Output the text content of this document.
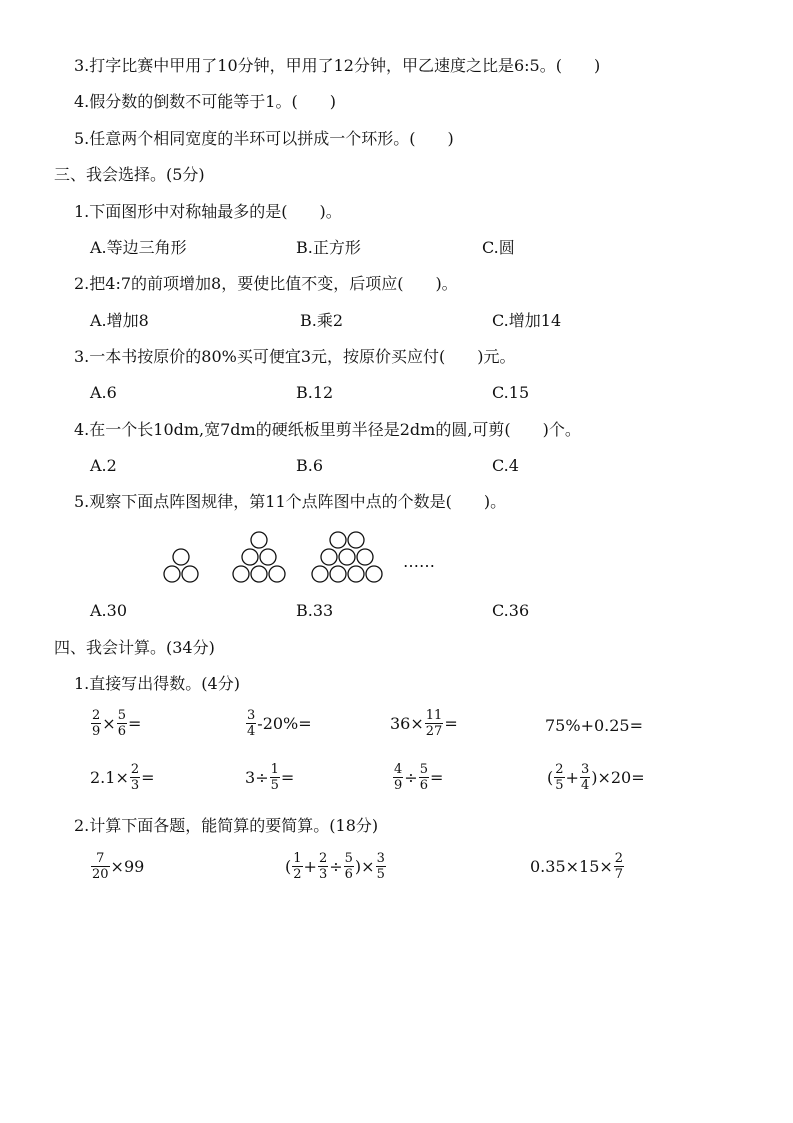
3.打字比赛中甲用了10分钟，甲用了12分钟，甲乙速度之比是6:5。(　　)
4.假分数的倒数不可能等于1。(　　)
5.任意两个相同宽度的半环可以拼成一个环形。(　　)
三、我会选择。(5分)
1.下面图形中对称轴最多的是(　　)。
A.等边三角形	B.正方形	C.圆
2.把4:7的前项增加8，要使比值不变，后项应(　　)。
A.增加8	B.乘2	C.增加14
3.一本书按原价的80%买可便宜3元，按原价买应付(　　)元。
A.6	B.12	C.15
4.在一个长10dm,宽7dm的硬纸板里剪半径是2dm的圆,可剪(　　)个。
A.2	B.6	C.4
5.观察下面点阵图规律，第11个点阵图中点的个数是(　　)。
……
A.30	B.33	C.36
四、我会计算。(34分)
1.直接写出得数。(4分)
$\frac{2}{9} \times \frac{5}{6}$ =	$\frac{3}{4} -20\%=$	$36 \times \frac{11}{27}$ =	75%+0.25=
$2.1 \times \frac{2}{3}$ =	$3 \div \frac{1}{5}$ =	$\frac{4}{9} \div \frac{5}{6}$ =	( $\frac{2}{5} + \frac{3}{4}$ ) ×20=
2.计算下面各题，能简算的要简算。(18分)
$\frac{7}{20} \times 99$	( $\frac{1}{2} + \frac{2}{3} \div \frac{5}{6}$ ) × $\frac{3}{5}$	$0.35\times 15 \times \frac{2}{7}$
